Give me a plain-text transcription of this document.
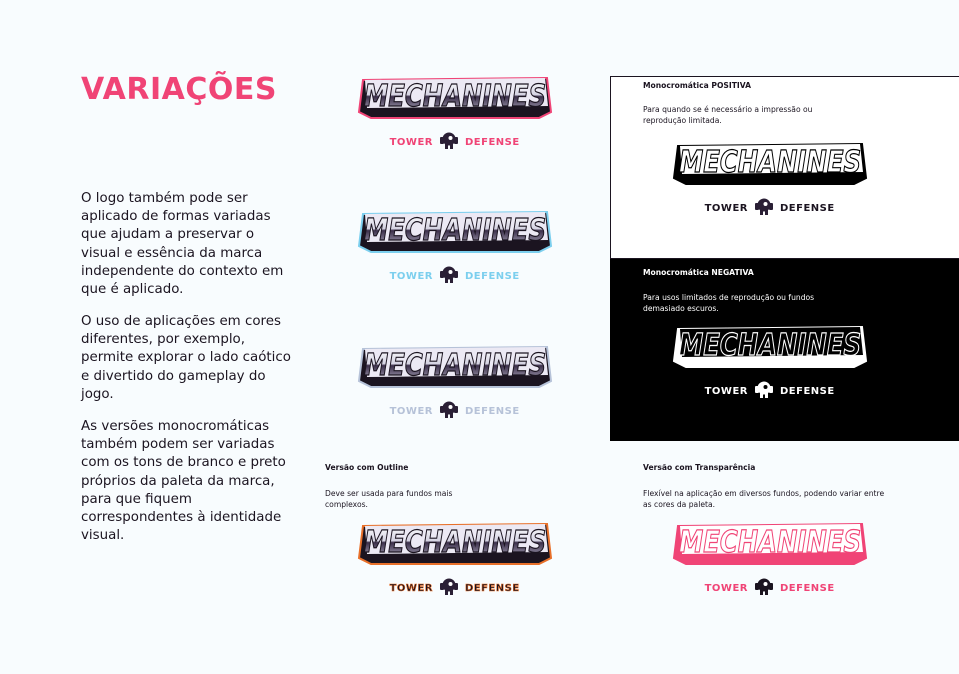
VARIAÇÕES

O logo também pode ser aplicado de formas variadas que ajudam a preservar o visual e essência da marca independente do contexto em que é aplicado.

O uso de aplicações em cores diferentes, por exemplo, permite explorar o lado caótico e divertido do gameplay do jogo.

As versões monocromáticas também podem ser variadas com os tons de branco e preto próprios da paleta da marca, para que fiquem correspondentes à identidade visual.

Monocromática POSITIVA

Para quando se é necessário a impressão ou reprodução limitada.

Monocromática NEGATIVA

Para usos limitados de reprodução ou fundos demasiado escuros.

Versão com Outline

Deve ser usada para fundos mais complexos.

Versão com Transparência

Flexível na aplicação em diversos fundos, podendo variar entre as cores da paleta.

MECHANINES
TOWER	DEFENSE
MECHANINES
TOWER	DEFENSE
MECHANINES
TOWER	DEFENSE
MECHANINES
TOWER	DEFENSE
MECHANINES
TOWER	DEFENSE
MECHANINES
TOWER	DEFENSE
MECHANINES
TOWER	DEFENSE
